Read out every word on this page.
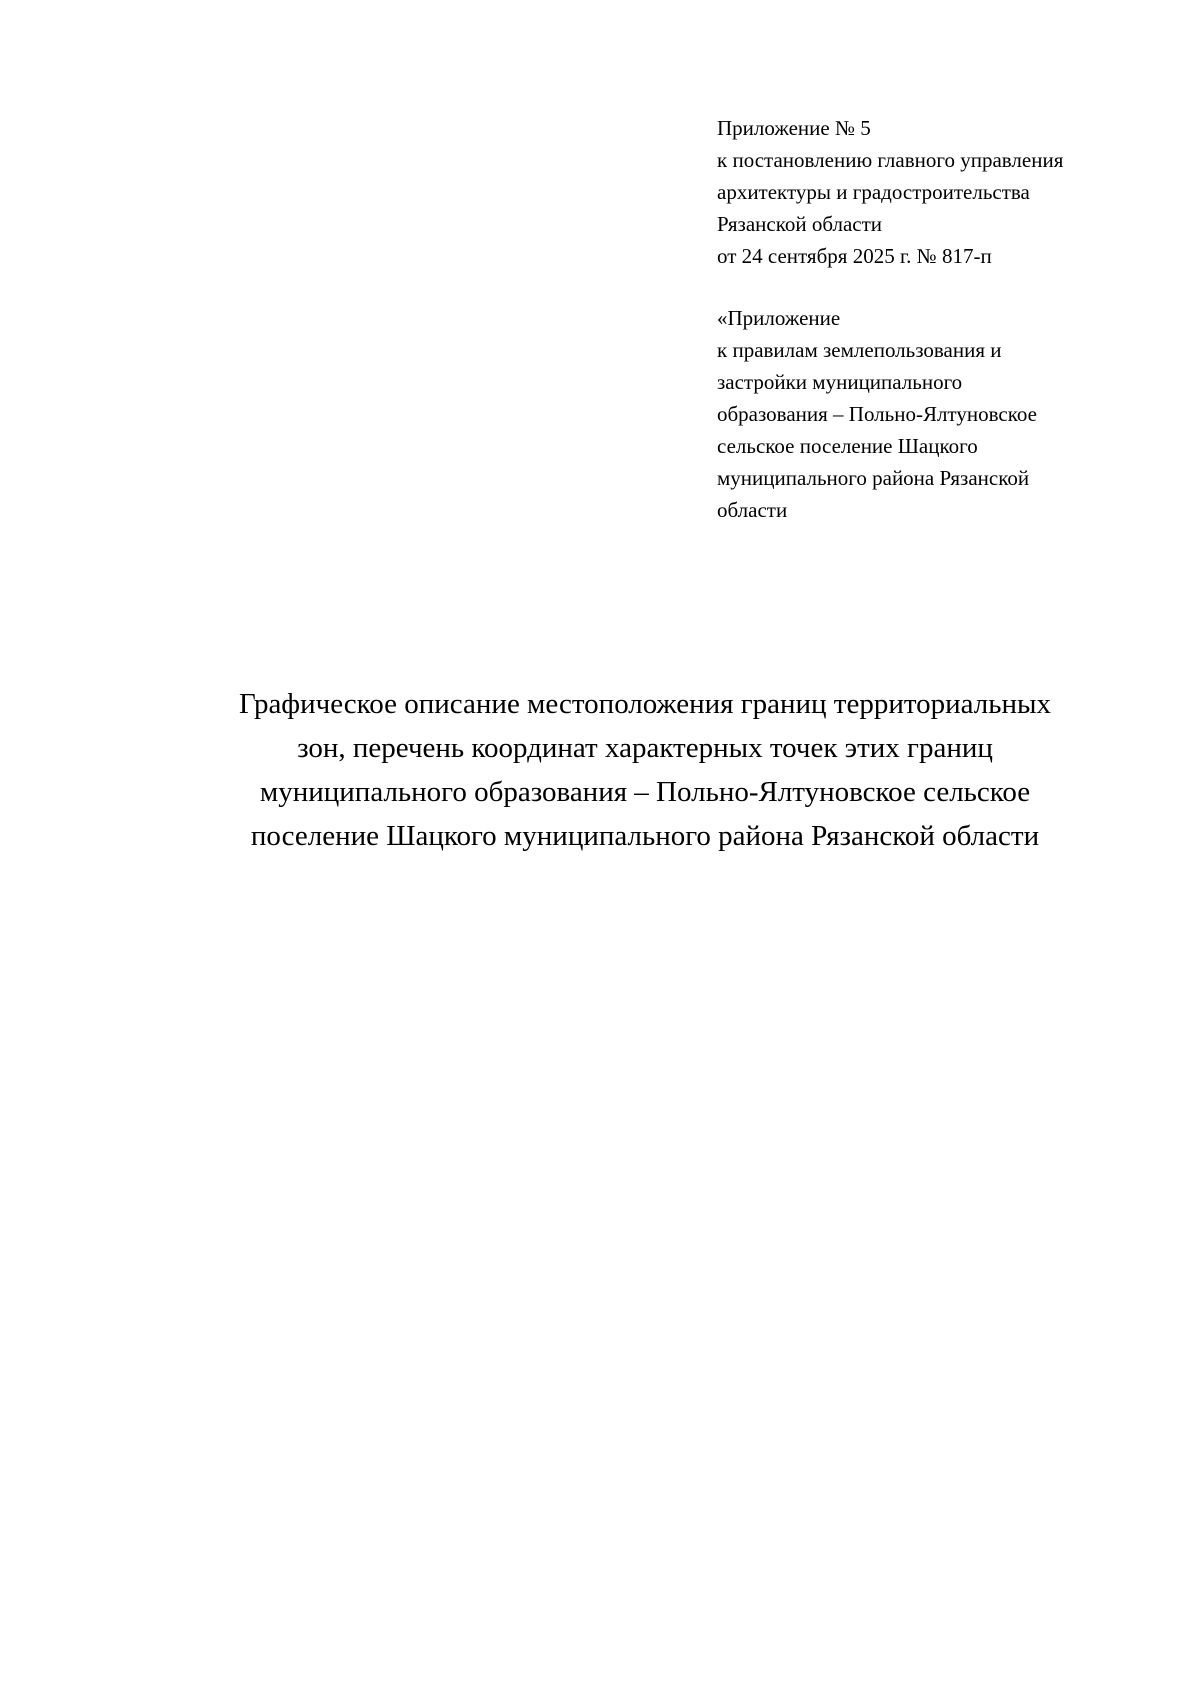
Приложение № 5
к постановлению главного управления
архитектуры и градостроительства
Рязанской области
от 24 сентября 2025 г. № 817-п
«Приложение
к правилам землепользования и
застройки муниципального
образования – Польно-Ялтуновское
сельское поселение Шацкого
муниципального района Рязанской
области
Графическое описание местоположения границ территориальных
зон, перечень координат характерных точек этих границ
муниципального образования – Польно-Ялтуновское сельское
поселение Шацкого муниципального района Рязанской области
